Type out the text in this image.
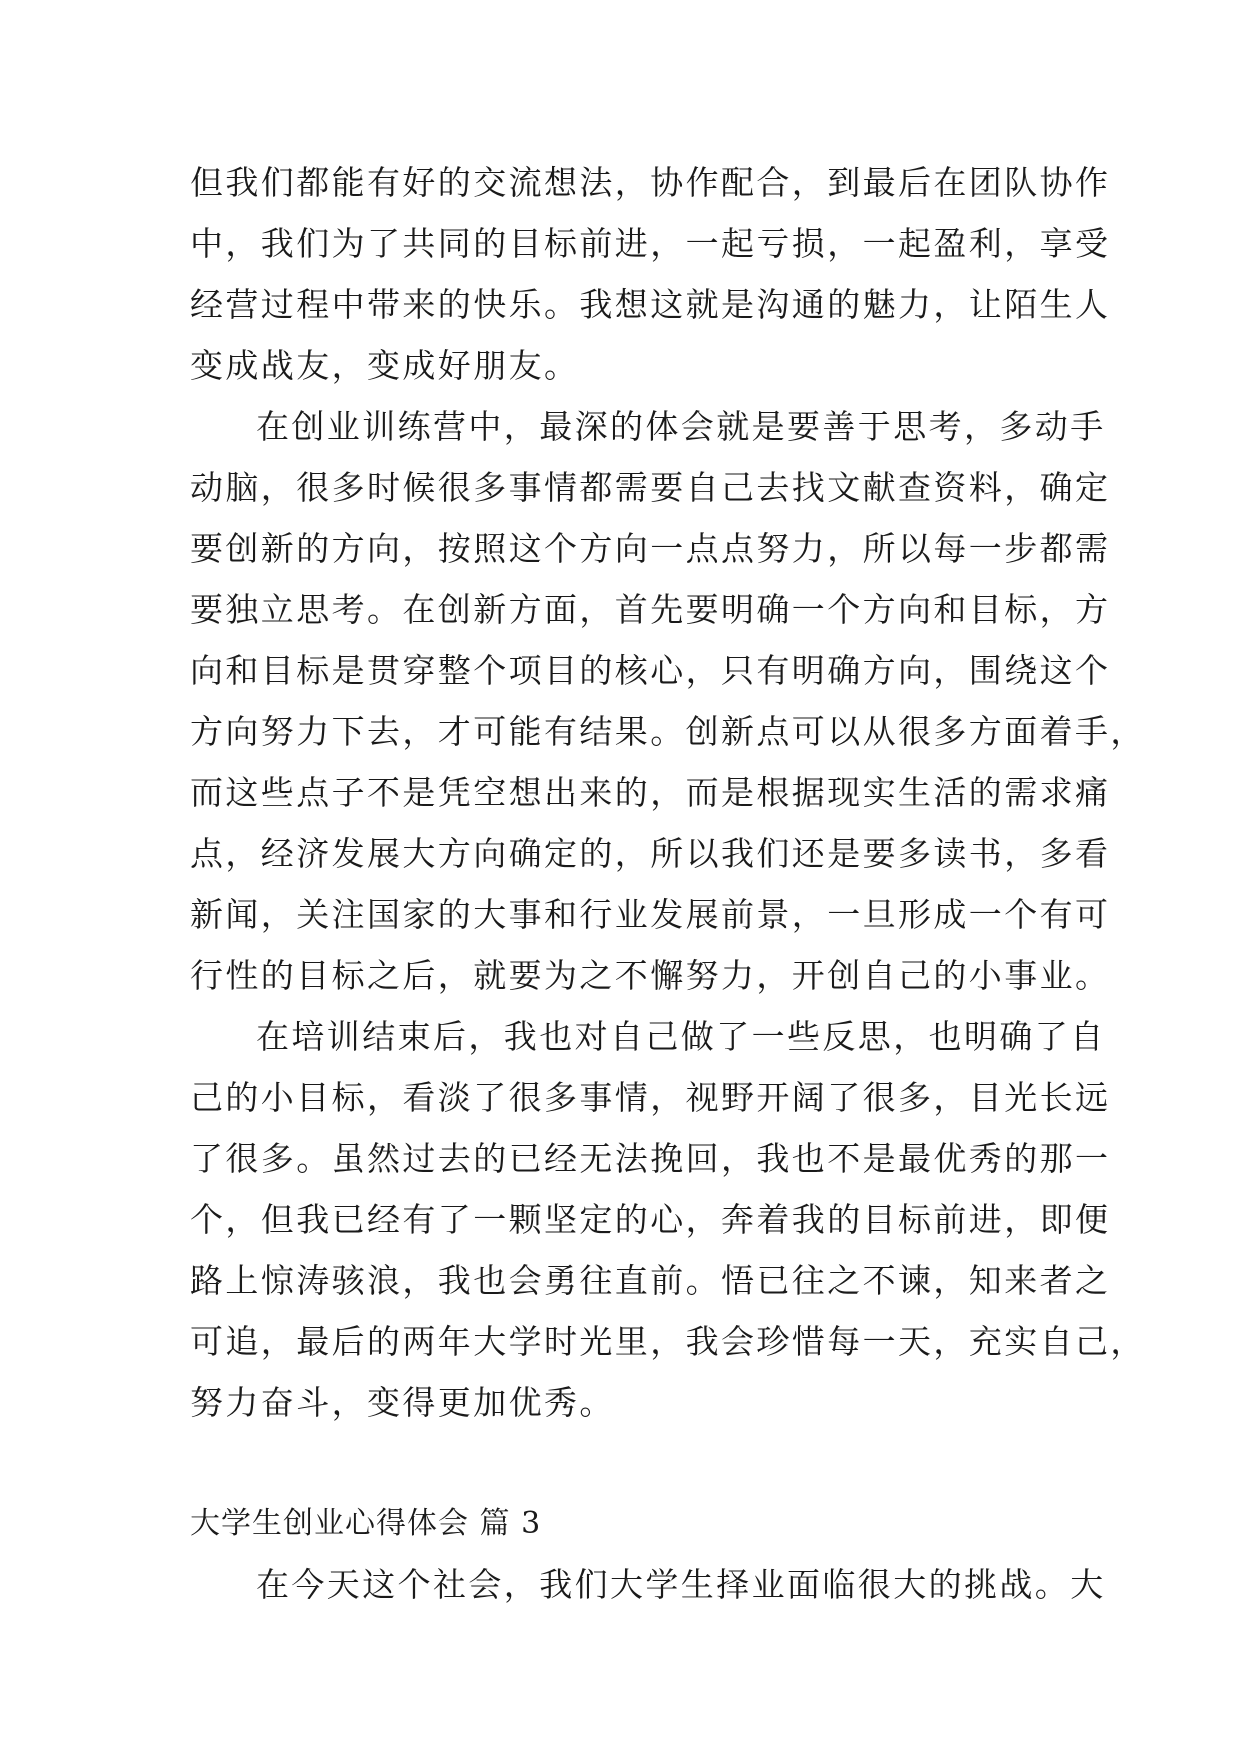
但我们都能有好的交流想法，协作配合，到最后在团队协作
中，我们为了共同的目标前进，一起亏损，一起盈利，享受
经营过程中带来的快乐。我想这就是沟通的魅力，让陌生人
变成战友，变成好朋友。
在创业训练营中，最深的体会就是要善于思考，多动手
动脑，很多时候很多事情都需要自己去找文献查资料，确定
要创新的方向，按照这个方向一点点努力，所以每一步都需
要独立思考。在创新方面，首先要明确一个方向和目标，方
向和目标是贯穿整个项目的核心，只有明确方向，围绕这个
方向努力下去，才可能有结果。创新点可以从很多方面着手，
而这些点子不是凭空想出来的，而是根据现实生活的需求痛
点，经济发展大方向确定的，所以我们还是要多读书，多看
新闻，关注国家的大事和行业发展前景，一旦形成一个有可
行性的目标之后，就要为之不懈努力，开创自己的小事业。
在培训结束后，我也对自己做了一些反思，也明确了自
己的小目标，看淡了很多事情，视野开阔了很多，目光长远
了很多。虽然过去的已经无法挽回，我也不是最优秀的那一
个，但我已经有了一颗坚定的心，奔着我的目标前进，即便
路上惊涛骇浪，我也会勇往直前。悟已往之不谏，知来者之
可追，最后的两年大学时光里，我会珍惜每一天，充实自己，
努力奋斗，变得更加优秀。
大学生创业心得体会 篇 3
在今天这个社会，我们大学生择业面临很大的挑战。大
